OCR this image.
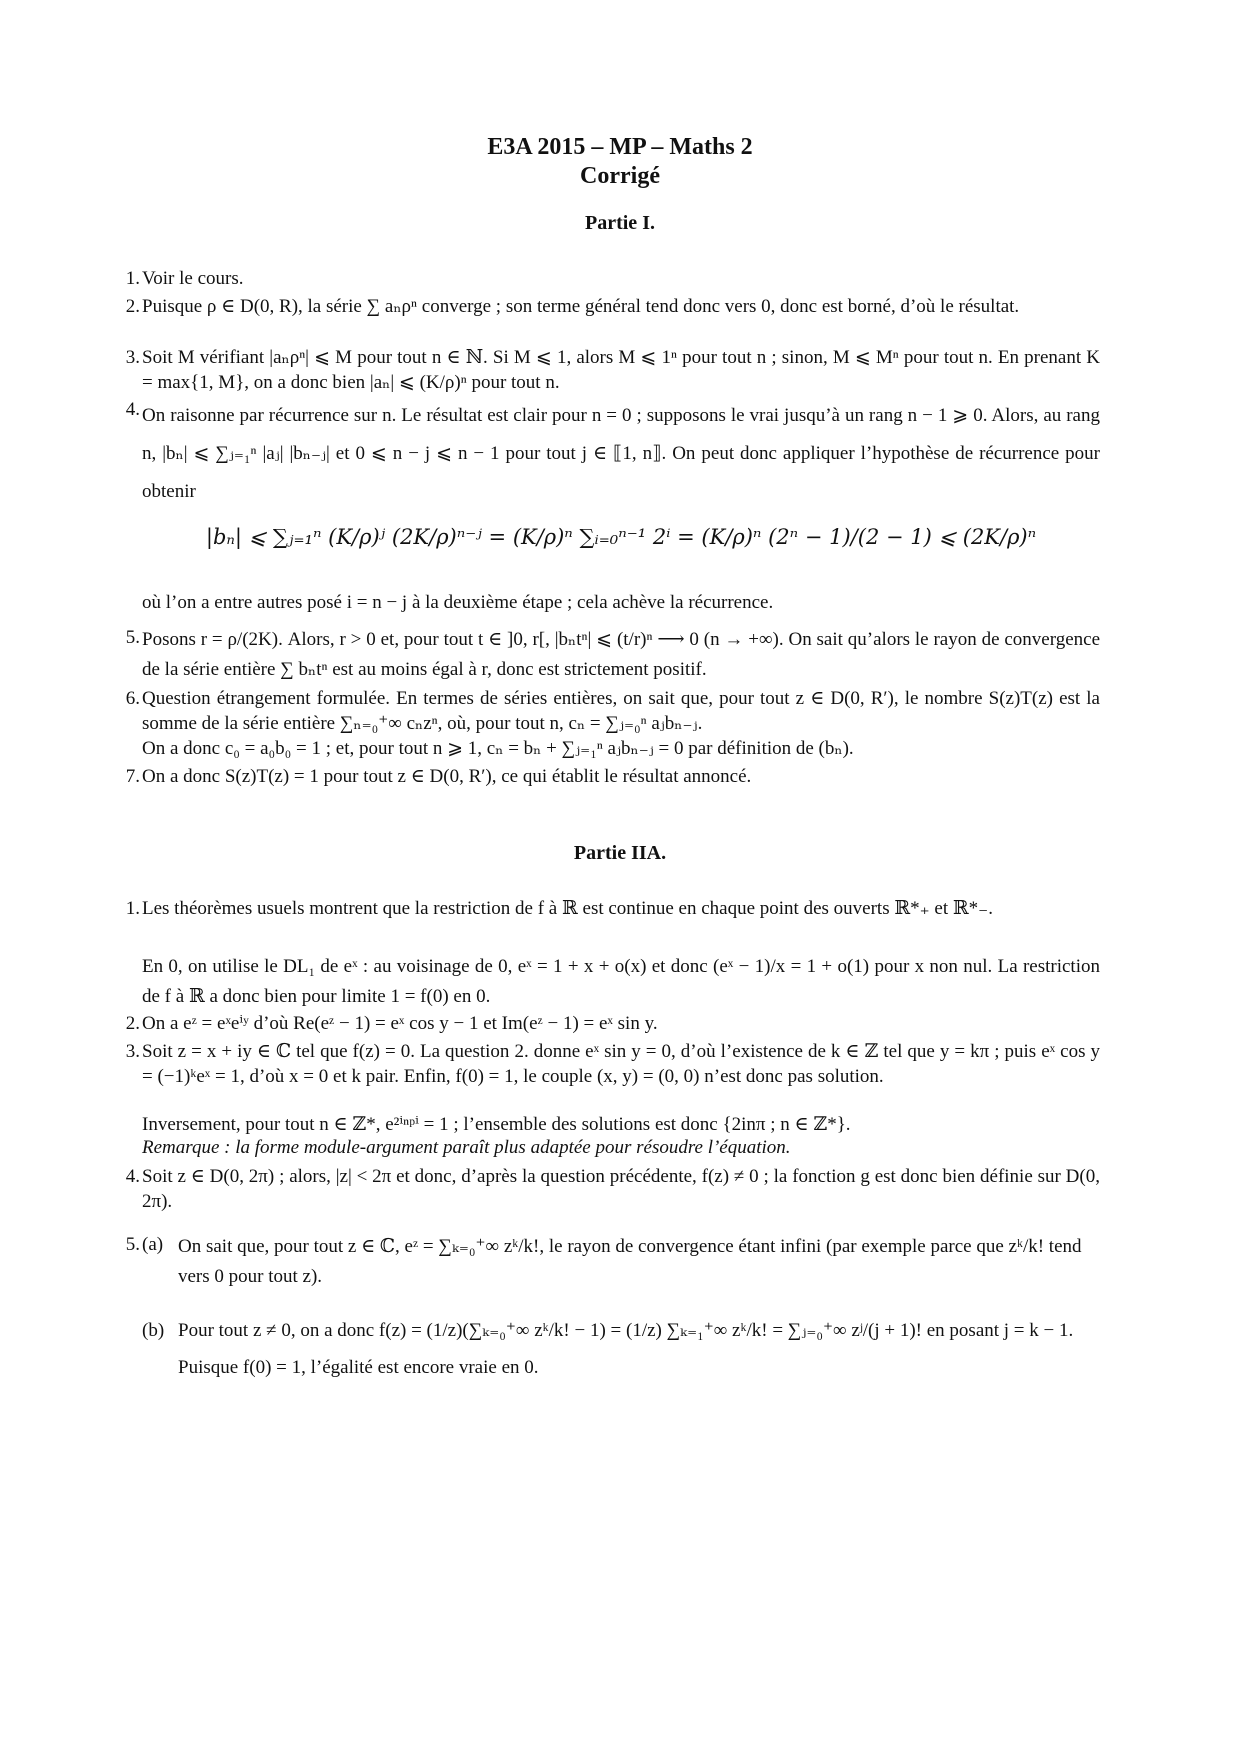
E3A 2015 – MP – Maths 2
Corrigé
Partie I.
1. Voir le cours.
2. Puisque ρ ∈ D(0, R), la série ∑ aₙρⁿ converge ; son terme général tend donc vers 0, donc est borné, d’où le résultat.
3. Soit M vérifiant |aₙρⁿ| ⩽ M pour tout n ∈ ℕ. Si M ⩽ 1, alors M ⩽ 1ⁿ pour tout n ; sinon, M ⩽ Mⁿ pour tout n. En prenant K = max{1, M}, on a donc bien |aₙ| ⩽ (K/ρ)ⁿ pour tout n.
4. On raisonne par récurrence sur n. Le résultat est clair pour n = 0 ; supposons le vrai jusqu’à un rang n − 1 ⩾ 0. Alors, au rang n, |bₙ| ⩽ ∑ⱼ₌₁ⁿ |aⱼ| |bₙ₋ⱼ| et 0 ⩽ n − j ⩽ n − 1 pour tout j ∈ ⟦1, n⟧. On peut donc appliquer l’hypothèse de récurrence pour obtenir
|bₙ| ⩽ ∑ⱼ₌₁ⁿ (K/ρ)ʲ (2K/ρ)ⁿ⁻ʲ = (K/ρ)ⁿ ∑ᵢ₌₀ⁿ⁻¹ 2ⁱ = (K/ρ)ⁿ (2ⁿ − 1)/(2 − 1) ⩽ (2K/ρ)ⁿ
où l’on a entre autres posé i = n − j à la deuxième étape ; cela achève la récurrence.
5. Posons r = ρ/(2K). Alors, r > 0 et, pour tout t ∈ ]0, r[, |bₙtⁿ| ⩽ (t/r)ⁿ ⟶ 0 (n → +∞). On sait qu’alors le rayon de convergence de la série entière ∑ bₙtⁿ est au moins égal à r, donc est strictement positif.
6. Question étrangement formulée. En termes de séries entières, on sait que, pour tout z ∈ D(0, R′), le nombre S(z)T(z) est la somme de la série entière ∑ₙ₌₀⁺∞ cₙzⁿ, où, pour tout n, cₙ = ∑ⱼ₌₀ⁿ aⱼbₙ₋ⱼ.
On a donc c₀ = a₀b₀ = 1 ; et, pour tout n ⩾ 1, cₙ = bₙ + ∑ⱼ₌₁ⁿ aⱼbₙ₋ⱼ = 0 par définition de (bₙ).
7. On a donc S(z)T(z) = 1 pour tout z ∈ D(0, R′), ce qui établit le résultat annoncé.
Partie IIA.
1. Les théorèmes usuels montrent que la restriction de f à ℝ est continue en chaque point des ouverts ℝ*₊ et ℝ*₋.
En 0, on utilise le DL₁ de eˣ : au voisinage de 0, eˣ = 1 + x + o(x) et donc (eˣ − 1)/x = 1 + o(1) pour x non nul. La restriction de f à ℝ a donc bien pour limite 1 = f(0) en 0.
2. On a eᶻ = eˣeⁱʸ d’où Re(eᶻ − 1) = eˣ cos y − 1 et Im(eᶻ − 1) = eˣ sin y.
3. Soit z = x + iy ∈ ℂ tel que f(z) = 0. La question 2. donne eˣ sin y = 0, d’où l’existence de k ∈ ℤ tel que y = kπ ; puis eˣ cos y = (−1)ᵏeˣ = 1, d’où x = 0 et k pair. Enfin, f(0) = 1, le couple (x, y) = (0, 0) n’est donc pas solution.
Inversement, pour tout n ∈ ℤ*, e²ⁱⁿᵖⁱ = 1 ; l’ensemble des solutions est donc {2inπ ; n ∈ ℤ*}.
Remarque : la forme module-argument paraît plus adaptée pour résoudre l’équation.
4. Soit z ∈ D(0, 2π) ; alors, |z| < 2π et donc, d’après la question précédente, f(z) ≠ 0 ; la fonction g est donc bien définie sur D(0, 2π).
5. (a) On sait que, pour tout z ∈ ℂ, eᶻ = ∑ₖ₌₀⁺∞ zᵏ/k!, le rayon de convergence étant infini (par exemple parce que zᵏ/k! tend vers 0 pour tout z).
(b) Pour tout z ≠ 0, on a donc f(z) = (1/z)(∑ₖ₌₀⁺∞ zᵏ/k! − 1) = (1/z) ∑ₖ₌₁⁺∞ zᵏ/k! = ∑ⱼ₌₀⁺∞ zʲ/(j + 1)! en posant j = k − 1.
Puisque f(0) = 1, l’égalité est encore vraie en 0.
